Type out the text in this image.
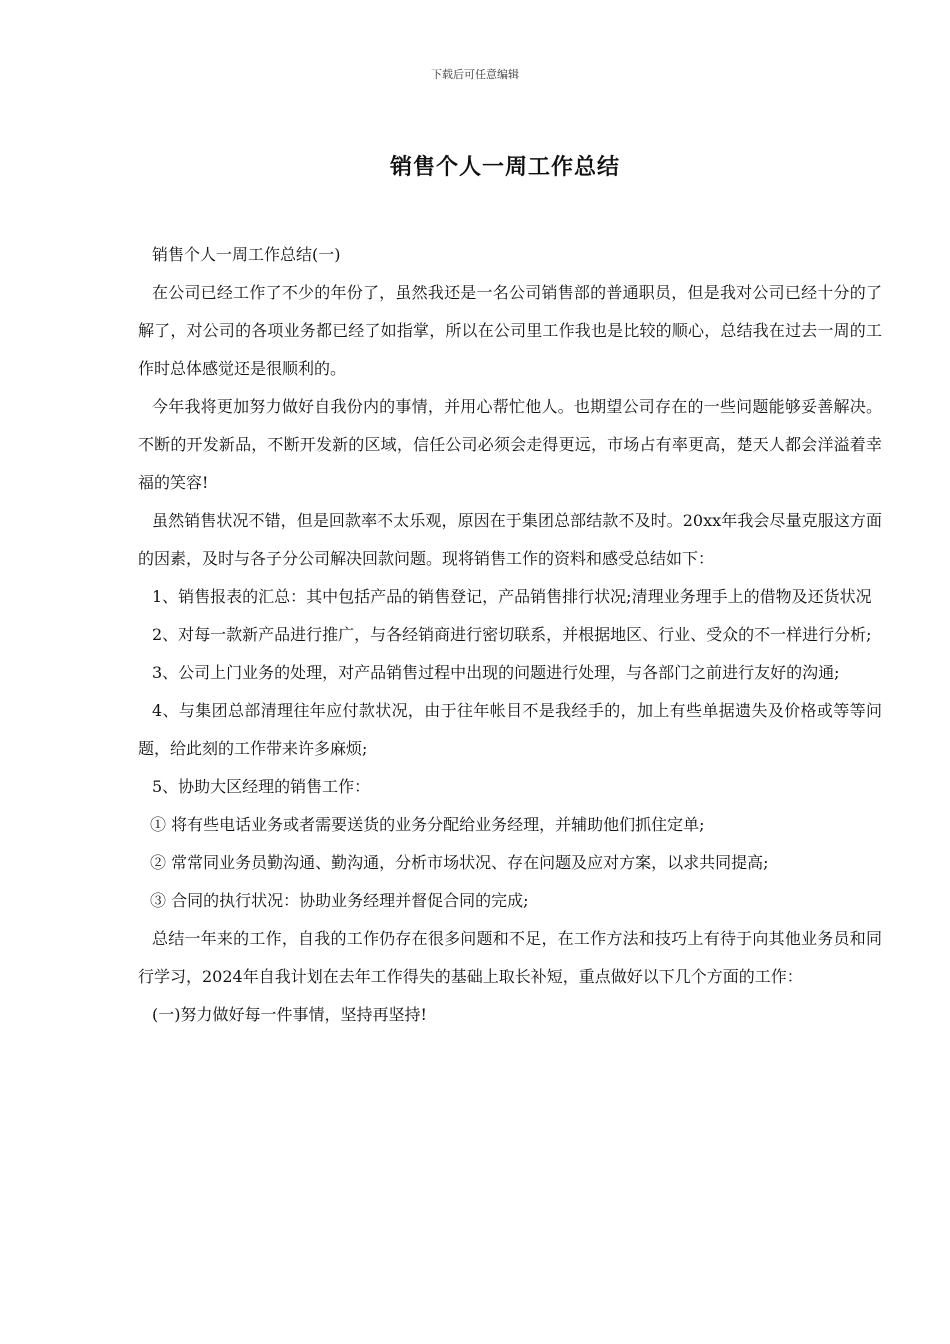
下载后可任意编辑
销售个人一周工作总结

销售个人一周工作总结(一)

在公司已经工作了不少的年份了，虽然我还是一名公司销售部的普通职员，但是我对公司已经十分的了解了，对公司的各项业务都已经了如指掌，所以在公司里工作我也是比较的顺心，总结我在过去一周的工作时总体感觉还是很顺利的。

今年我将更加努力做好自我份内的事情，并用心帮忙他人。也期望公司存在的一些问题能够妥善解决。不断的开发新品，不断开发新的区域，信任公司必须会走得更远，市场占有率更高，楚天人都会洋溢着幸福的笑容!

虽然销售状况不错，但是回款率不太乐观，原因在于集团总部结款不及时。20xx年我会尽量克服这方面的因素，及时与各子分公司解决回款问题。现将销售工作的资料和感受总结如下：

1、销售报表的汇总：其中包括产品的销售登记，产品销售排行状况;清理业务理手上的借物及还货状况

2、对每一款新产品进行推广，与各经销商进行密切联系，并根据地区、行业、受众的不一样进行分析;

3、公司上门业务的处理，对产品销售过程中出现的问题进行处理，与各部门之前进行友好的沟通;

4、与集团总部清理往年应付款状况，由于往年帐目不是我经手的，加上有些单据遗失及价格或等等问题，给此刻的工作带来许多麻烦;

5、协助大区经理的销售工作：

① 将有些电话业务或者需要送货的业务分配给业务经理，并辅助他们抓住定单;

② 常常同业务员勤沟通、勤沟通，分析市场状况、存在问题及应对方案，以求共同提高;

③ 合同的执行状况：协助业务经理并督促合同的完成;

总结一年来的工作，自我的工作仍存在很多问题和不足，在工作方法和技巧上有待于向其他业务员和同行学习，2024年自我计划在去年工作得失的基础上取长补短，重点做好以下几个方面的工作：

(一)努力做好每一件事情，坚持再坚持!
